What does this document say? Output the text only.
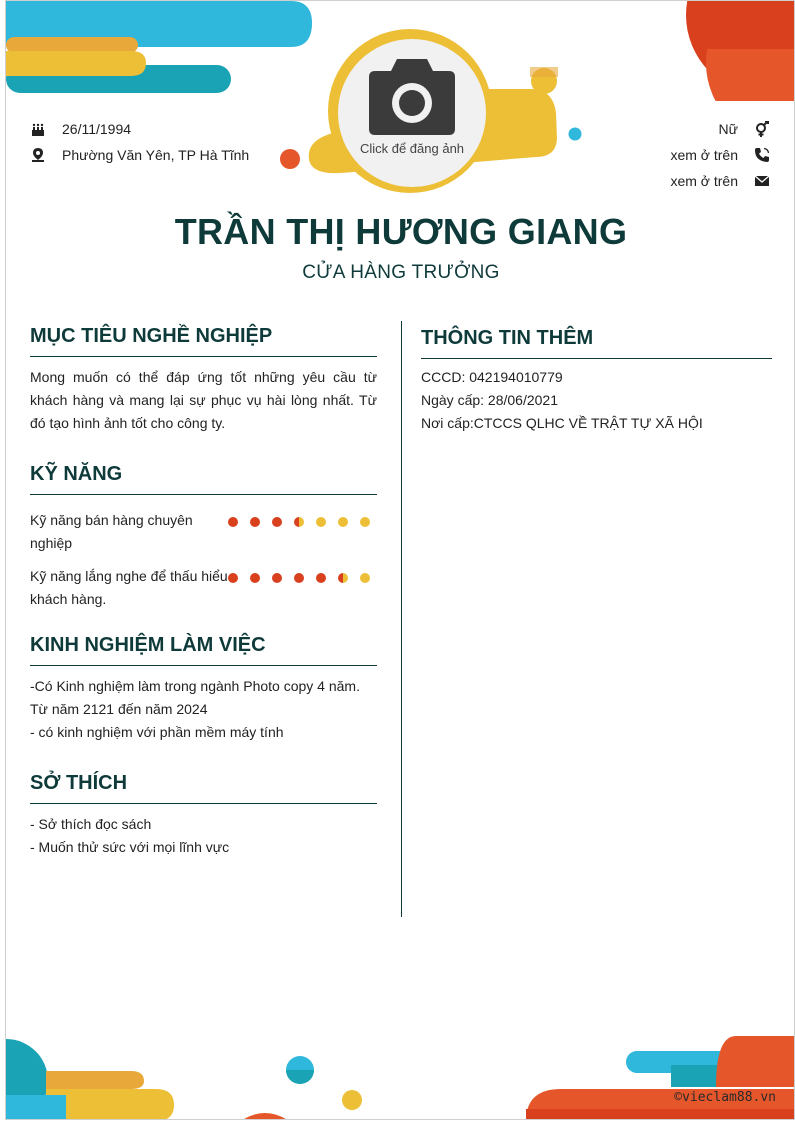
Click để đăng ảnh
26/11/1994
Phường Văn Yên, TP Hà Tĩnh
Nữ
xem ở trên
xem ở trên
TRẦN THỊ HƯƠNG GIANG
CỬA HÀNG TRƯỞNG
MỤC TIÊU NGHỀ NGHIỆP
Mong muốn có thể đáp ứng tốt những yêu cầu từ khách hàng và mang lại sự phục vụ hài lòng nhất. Từ đó tạo hình ảnh tốt cho công ty.
KỸ NĂNG
Kỹ năng bán hàng chuyên nghiệp
Kỹ năng lắng nghe để thấu hiểu khách hàng.
KINH NGHIỆM LÀM VIỆC
-Có Kinh nghiệm làm trong ngành Photo copy 4 năm. Từ năm 2121 đến năm 2024
- có kinh nghiệm với phần mềm máy tính
SỞ THÍCH
- Sở thích đọc sách
- Muốn thử sức với mọi lĩnh vực
THÔNG TIN THÊM
CCCD: 042194010779
Ngày cấp: 28/06/2021
Nơi cấp:CTCCS QLHC VỀ TRẬT TỰ XÃ HỘI
©vieclam88.vn
